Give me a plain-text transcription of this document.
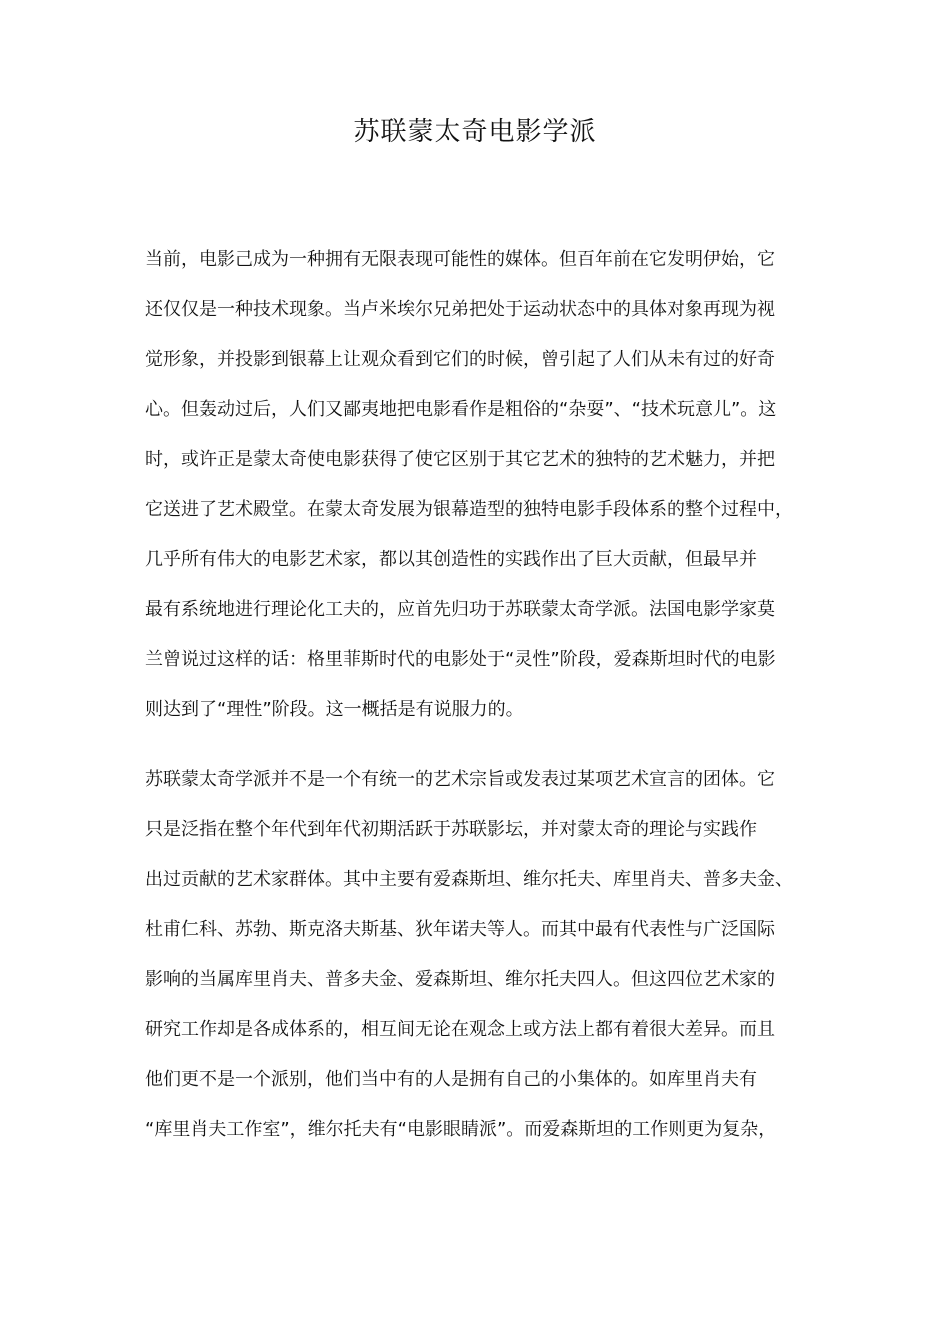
苏联蒙太奇电影学派
当前，电影己成为一种拥有无限表现可能性的媒体。但百年前在它发明伊始，它
还仅仅是一种技术现象。当卢米埃尔兄弟把处于运动状态中的具体对象再现为视
觉形象，并投影到银幕上让观众看到它们的时候，曾引起了人们从未有过的好奇
心。但轰动过后，人们又鄙夷地把电影看作是粗俗的“杂耍”、“技术玩意儿”。这
时，或许正是蒙太奇使电影获得了使它区别于其它艺术的独特的艺术魅力，并把
它送进了艺术殿堂。在蒙太奇发展为银幕造型的独特电影手段体系的整个过程中，
几乎所有伟大的电影艺术家，都以其创造性的实践作出了巨大贡献，但最早并
最有系统地进行理论化工夫的，应首先归功于苏联蒙太奇学派。法国电影学家莫
兰曾说过这样的话：格里菲斯时代的电影处于“灵性”阶段，爱森斯坦时代的电影
则达到了“理性”阶段。这一概括是有说服力的。
苏联蒙太奇学派并不是一个有统一的艺术宗旨或发表过某项艺术宣言的团体。它
只是泛指在整个年代到年代初期活跃于苏联影坛，并对蒙太奇的理论与实践作
出过贡献的艺术家群体。其中主要有爱森斯坦、维尔托夫、库里肖夫、普多夫金、
杜甫仁科、苏勃、斯克洛夫斯基、狄年诺夫等人。而其中最有代表性与广泛国际
影响的当属库里肖夫、普多夫金、爱森斯坦、维尔托夫四人。但这四位艺术家的
研究工作却是各成体系的，相互间无论在观念上或方法上都有着很大差异。而且
他们更不是一个派别，他们当中有的人是拥有自己的小集体的。如库里肖夫有
“库里肖夫工作室”，维尔托夫有“电影眼睛派”。而爱森斯坦的工作则更为复杂，
